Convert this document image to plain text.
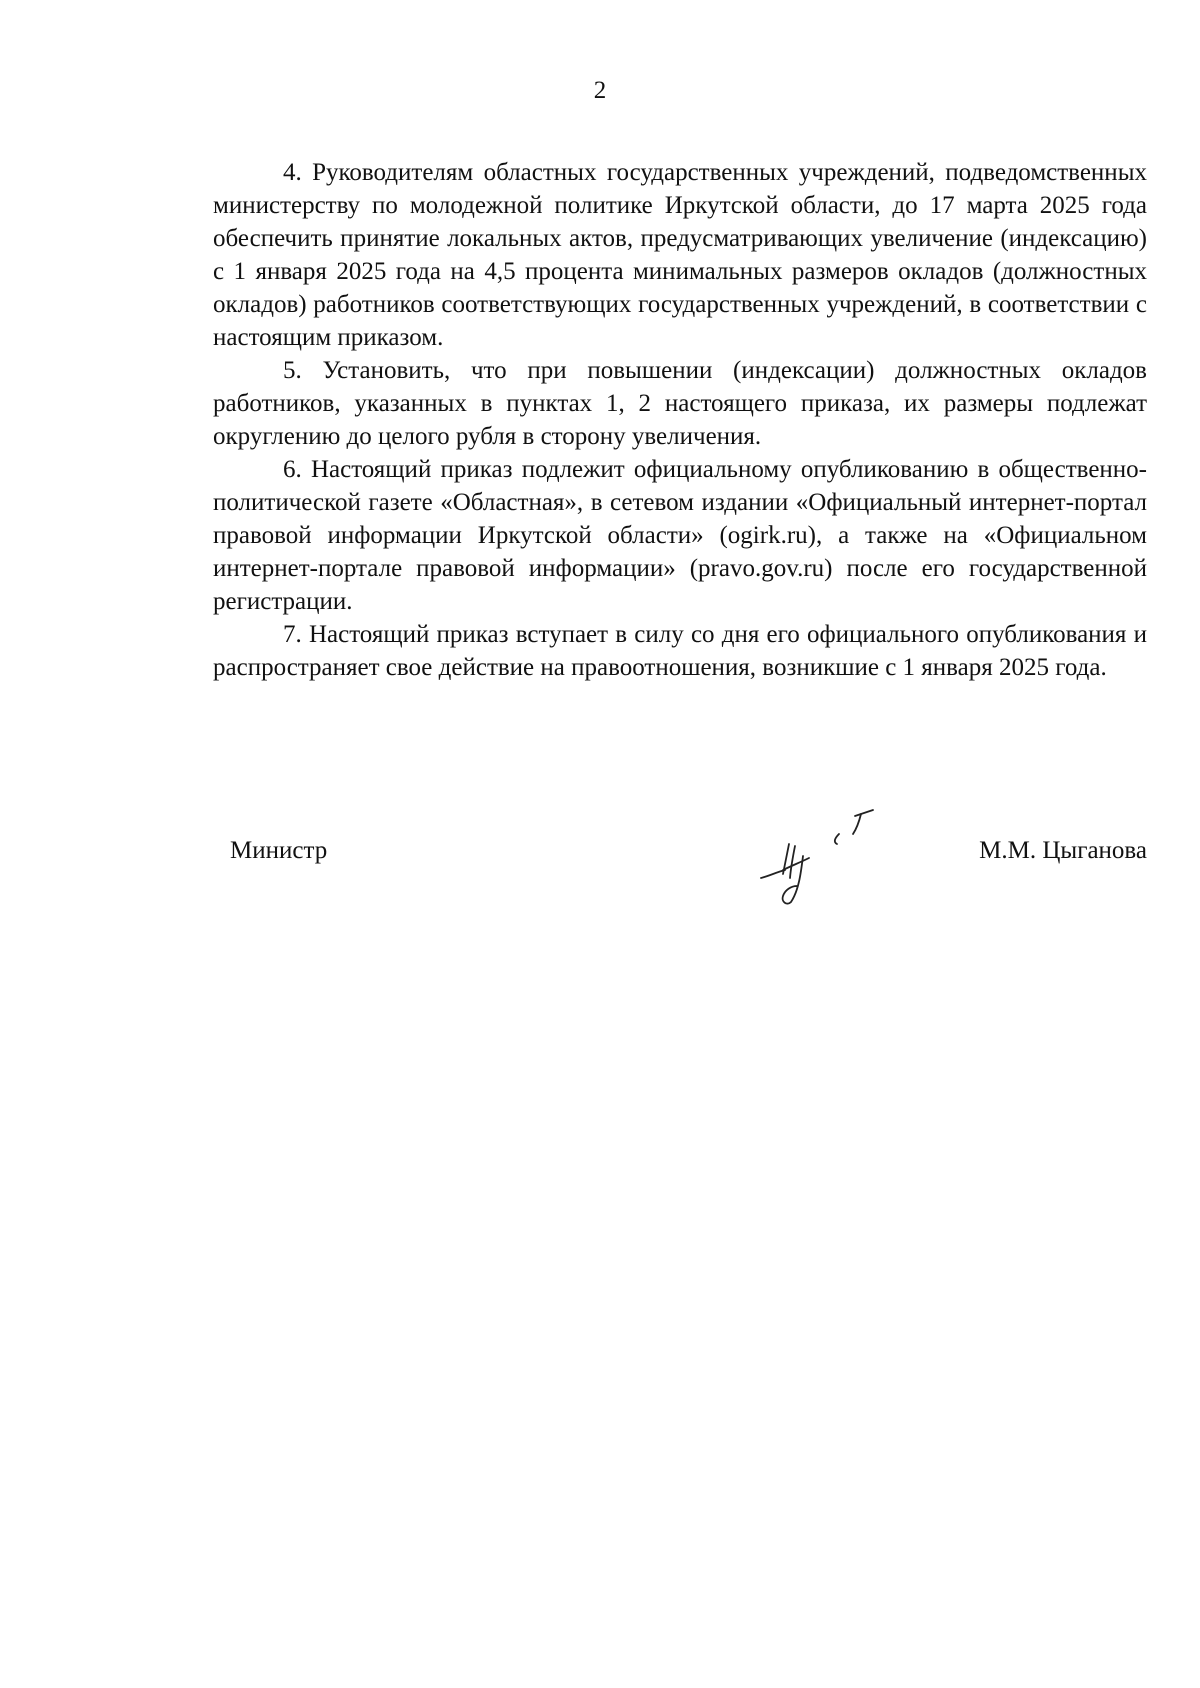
2

4. Руководителям областных государственных учреждений, подведомственных министерству по молодежной политике Иркутской области, до 17 марта 2025 года обеспечить принятие локальных актов, предусматривающих увеличение (индексацию) с 1 января 2025 года на 4,5 процента минимальных размеров окладов (должностных окладов) работников соответствующих государственных учреждений, в соответствии с настоящим приказом.

5. Установить, что при повышении (индексации) должностных окладов работников, указанных в пунктах 1, 2 настоящего приказа, их размеры подлежат округлению до целого рубля в сторону увеличения.

6. Настоящий приказ подлежит официальному опубликованию в общественно-политической газете «Областная», в сетевом издании «Официальный интернет-портал правовой информации Иркутской области» (ogirk.ru), а также на «Официальном интернет-портале правовой информации» (pravo.gov.ru) после его государственной регистрации.

7. Настоящий приказ вступает в силу со дня его официального опубликования и распространяет свое действие на правоотношения, возникшие с 1 января 2025 года.

Министр	М.М. Цыганова
